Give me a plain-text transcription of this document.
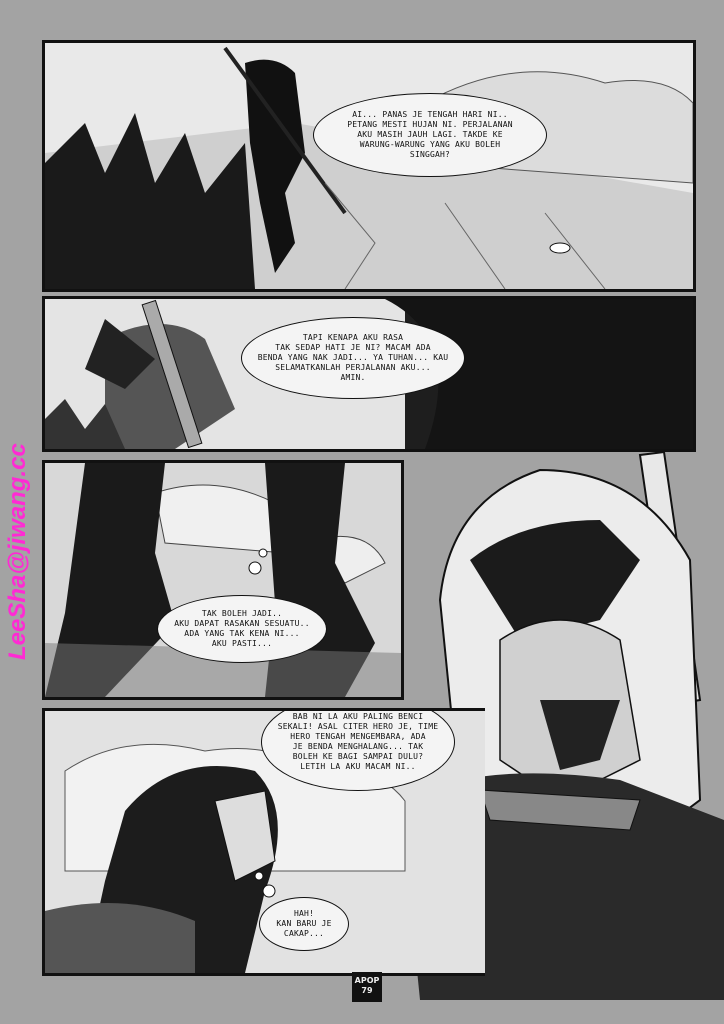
AI... PANAS JE TENGAH HARI NI..
PETANG MESTI HUJAN NI. PERJALANAN
AKU MASIH JAUH LAGI. TAKDE KE
WARUNG-WARUNG YANG AKU BOLEH
SINGGAH?
TAPI KENAPA AKU RASA
TAK SEDAP HATI JE NI? MACAM ADA
BENDA YANG NAK JADI... YA TUHAN... KAU
SELAMATKANLAH PERJALANAN AKU...
AMIN.
TAK BOLEH JADI..
AKU DAPAT RASAKAN SESUATU..
ADA YANG TAK KENA NI...
AKU PASTI...
BAB NI LA AKU PALING BENCI
SEKALI! ASAL CITER HERO JE, TIME
HERO TENGAH MENGEMBARA, ADA
JE BENDA MENGHALANG... TAK
BOLEH KE BAGI SAMPAI DULU?
LETIH LA AKU MACAM NI..
HAH!
KAN BARU JE
CAKAP...
LeeSha@jiwang.cc
APOP
79
